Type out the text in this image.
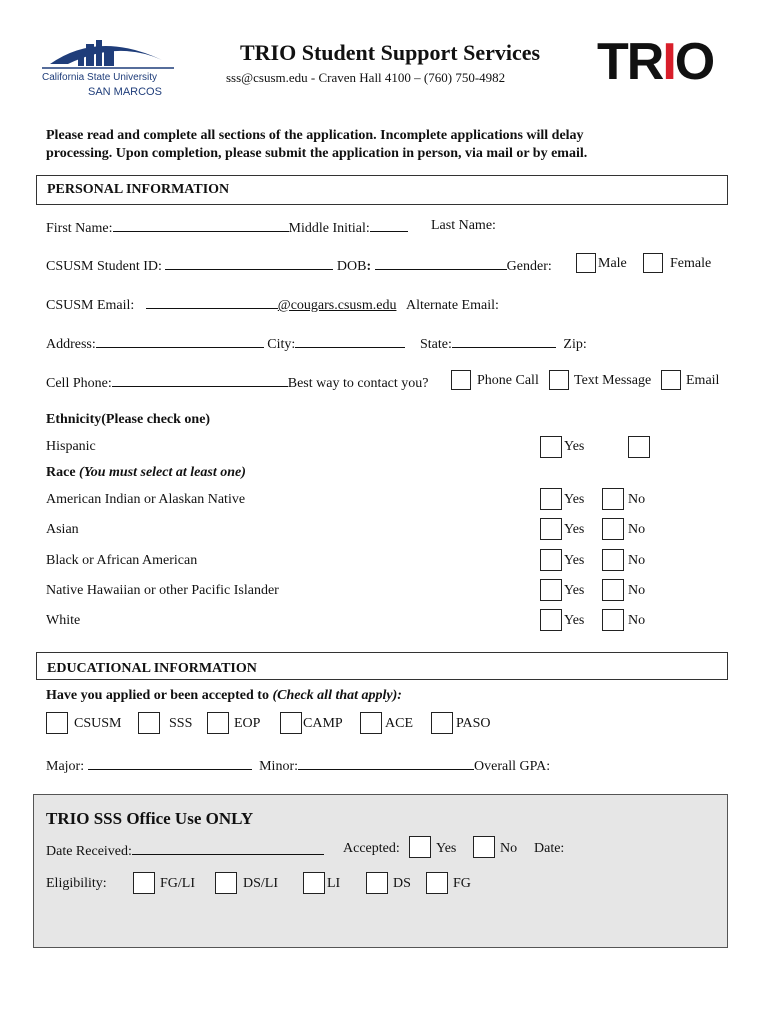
California State University
SAN MARCOS
TRIO Student Support Services
sss@csusm.edu - Craven Hall 4100 – (760) 750-4982 TRIO
Please read and complete all sections of the application. Incomplete applications will delay
processing. Upon completion, please submit the application in person, via mail or by email.
PERSONAL INFORMATION
First Name:	Middle Initial:	Last Name:
CSUSM Student ID:	DOB:	Gender:	Male	Female
CSUSM Email:	@cougars.csusm.edu Alternate Email:
Address:	City:	State:	Zip:
Cell Phone:	Best way to contact you?	Phone Call	Text Message Email
Ethnicity(Please check one)
Hispanic	Yes
Race (You must select at least one)
American Indian or Alaskan Native	Yes	No
Asian	Yes	No
Black or African American	Yes	No
Native Hawaiian or other Pacific Islander	Yes	No
White	Yes	No
EDUCATIONAL INFORMATION
Have you applied or been accepted to (Check all that apply):
CSUSM	SSS	EOP	CAMP	ACE	PASO
Major:	Minor:	Overall GPA:
TRIO SSS Office Use ONLY
Date Received:	Accepted:	Yes	No Date:
Eligibility:	FG/LI	DS/LI	LI	DS	FG
